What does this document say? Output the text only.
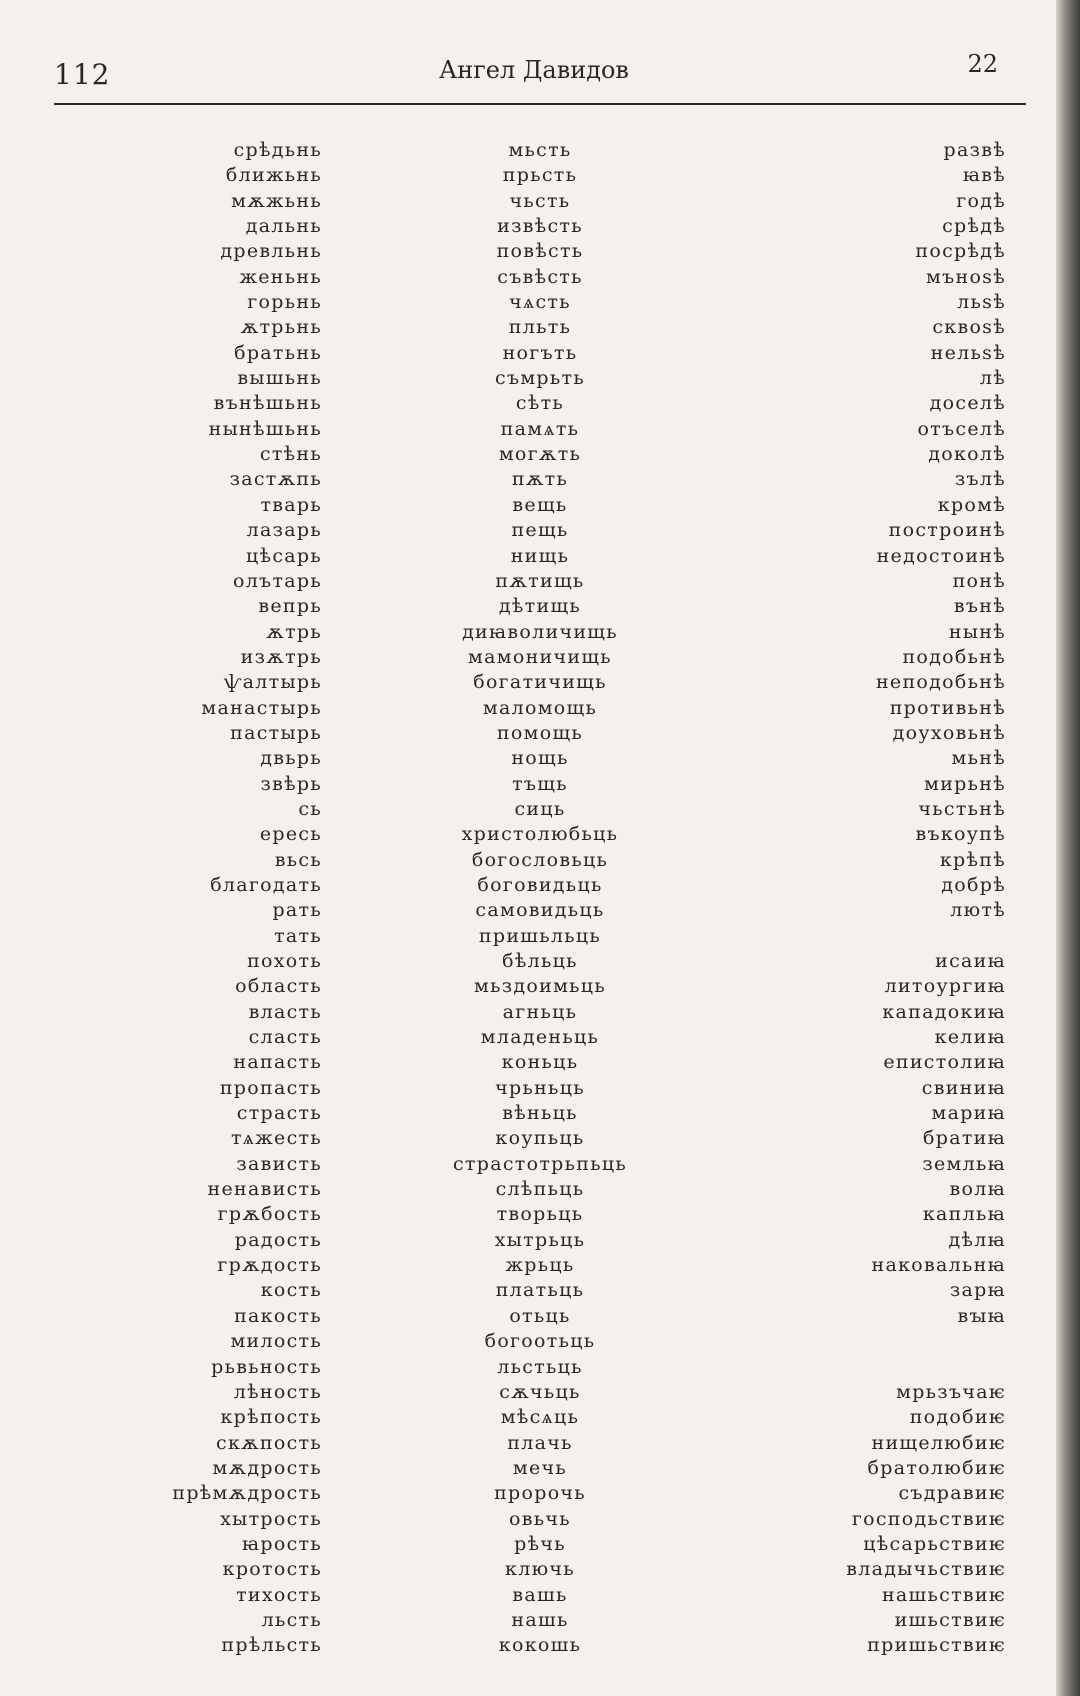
112	Ангел Давидов	22
срѣдьнь
ближьнь
мѫжьнь
дальнь
древльнь
женьнь
горьнь
ѫтрьнь
братьнь
вышьнь
вънѣшьнь
нынѣшьнь
стѣнь
застѫпь
тварь
лазарь
цѣсарь
олътарь
вепрь
ѫтрь
изѫтрь
ѱалтырь
манастырь
пастырь
двьрь
звѣрь
сь
ересь
вьсь
благодать
рать
тать
похоть
область
власть
сласть
напасть
пропасть
страсть
тѧжесть
зависть
ненависть
грѫбость
радость
грѫдость
кость
пакость
милость
рьвьность
лѣность
крѣпость
скѫпость
мѫдрость
прѣмѫдрость
хытрость
ꙗрость
кротость
тихость
льсть
прѣльсть
мьсть
прьсть
чьсть
извѣсть
повѣсть
съвѣсть
чѧсть
пльть
ногъть
съмрьть
сѣть
памѧть
могѫть
пѫть
вещь
пещь
нищь
пѫтищь
дѣтищь
диꙗволичищь
мамоничищь
богатичищь
маломощь
помощь
нощь
тъщь
сиць
христолюбьць
богословьць
боговидьць
самовидьць
пришьльць
бѣльць
мьздоимьць
агньць
младеньць
коньць
чрьньць
вѣньць
коупьць
страстотрьпьць
слѣпьць
творьць
хытрьць
жрьць
платьць
отьць
богоотьць
льстьць
сѫчьць
мѣсѧць
плачь
мечь
пророчь
овьчь
рѣчь
ключь
вашь
нашь
кокошь
развѣ
ꙗвѣ
годѣ
срѣдѣ
посрѣдѣ
мъноѕѣ
льѕѣ
сквоѕѣ
нельѕѣ
лѣ
доселѣ
отъселѣ
доколѣ
зълѣ
кромѣ
пострoинѣ
недостоинѣ
понѣ
вънѣ
нынѣ
подобьнѣ
неподобьнѣ
противьнѣ
доуховьнѣ
мьнѣ
мирьнѣ
чьстьнѣ
въкоупѣ
крѣпѣ
добрѣ
лютѣ
исаиꙗ
литоургиꙗ
кападокиꙗ
келиꙗ
епистолиꙗ
свиниꙗ
мариꙗ
братиꙗ
земльꙗ
волꙗ
капльꙗ
дѣлꙗ
наковальнꙗ
зарꙗ
вꙑꙗ
мрьзъчаѥ
подобиѥ
нищелюбиѥ
братолюбиѥ
съдравиѥ
господьствиѥ
цѣсарьствиѥ
владычьствиѥ
нашьствиѥ
ишьствиѥ
пришьствиѥ
